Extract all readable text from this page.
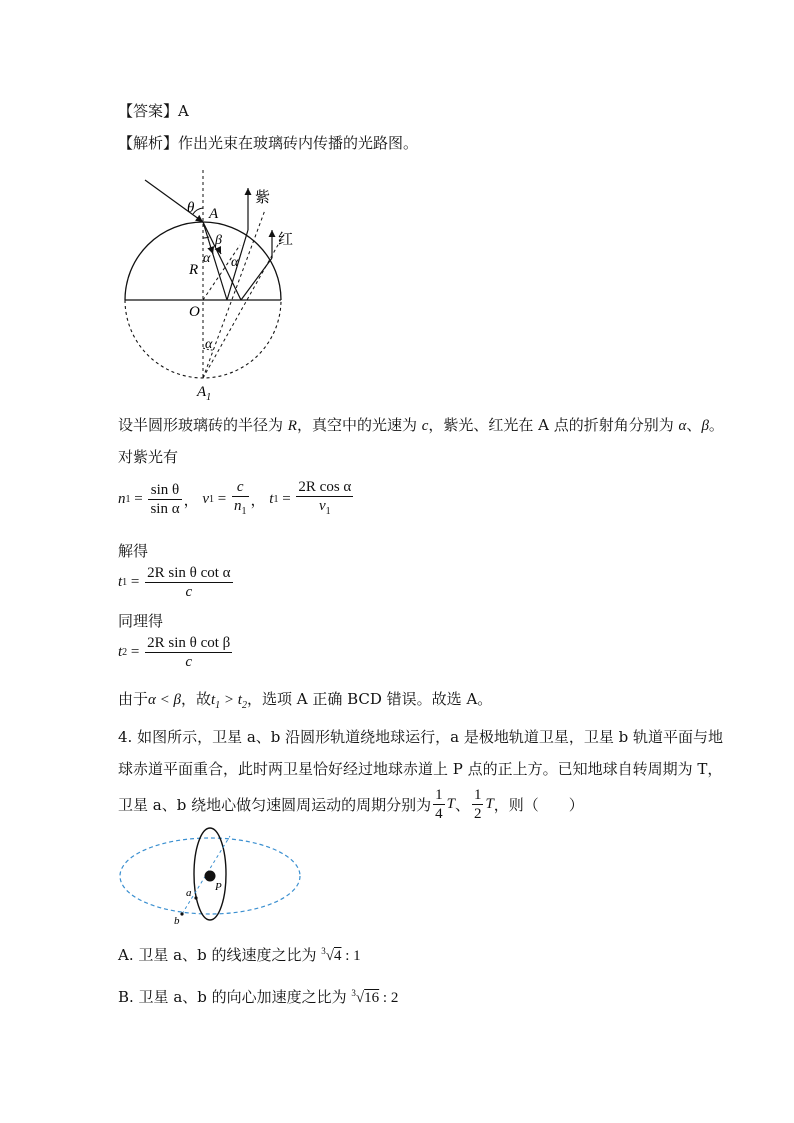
【答案】A
【解析】作出光束在玻璃砖内传播的光路图。
θ A
紫
红
β
α α
R
O
α
$A_1$
设半圆形玻璃砖的半径为 R，真空中的光速为 c，紫光、红光在 A 点的折射角分别为 α、β。
对紫光有
n $1 = \frac{\text{sin θ}}{\text{sin α}}$ ，
v $1 = \frac{c}{n_1}$ ，
t $1 = \frac{\text{2R cos α}}{v_1}$
解得
t $1 = \frac{\text{2R sin θ cot α}}{c}$
同理得
t $2 = \frac{\text{2R sin θ cot β}}{c}$
由于α < β，故$t_1 > t_2$，选项 A 正确 BCD 错误。故选 A。
4. 如图所示，卫星 a、b 沿圆形轨道绕地球运行，a 是极地轨道卫星，卫星 b 轨道平面与地
球赤道平面重合，此时两卫星恰好经过地球赤道上 P 点的正上方。已知地球自转周期为 T，
卫星 a、b 绕地心做匀速圆周运动的周期分别为 $\frac{1}{4}$ T 、 $\frac{1}{2}$ T ，则（　　）
a
b
P
A. 卫星 a、b 的线速度之比为 $^3$√4 : 1
B. 卫星 a、b 的向心加速度之比为 $^3$√16 : 2
